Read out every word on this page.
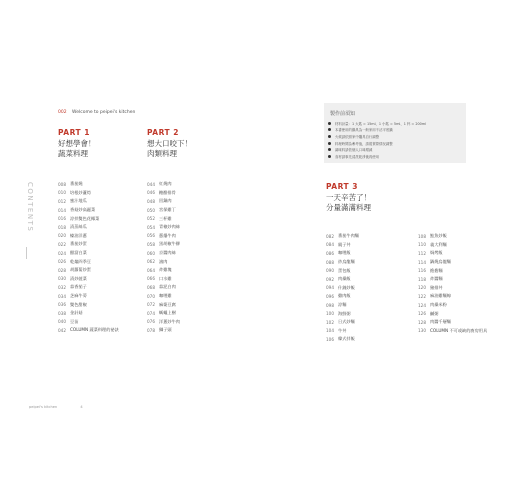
002 Welcome to peipei's kitchen
CONTENTS
PART 1
好想學會！
蔬菜料理
008 番茄燒
010 培根炒蘆筍
012 蜜汁地瓜
014 香菇炒高麗菜
016 涼拌雙色花椰菜
018 清蒸絲瓜
020 蠔油洋蔥
022 番茄炒蛋
024 醋溜白菜
026 乾煸四季豆
028 胡蘿蔔炒蛋
030 清炒菠菜
032 蒜香茄子
034 芝麻牛蒡
036 雙色甜椒
038 金針菇
040 豆苗
042 COLUMN 蔬菜料理的祕訣
PART 2
想大口咬下！
肉類料理
044 紅燒肉
046 糖醋排骨
048 回鍋肉
050 宮保雞丁
052 三杯雞
054 青椒炒肉絲
056 蔥爆牛肉
058 黑胡椒牛柳
060 京醬肉絲
062 滷肉
064 炸雞塊
066 口水雞
068 蒜泥白肉
070 咖哩雞
072 麻婆豆腐
074 螞蟻上樹
076 洋蔥炒牛肉
078 獅子頭
製作前須知
材料計量：1 大匙 = 15ml、1 小匙 = 5ml、1 杯 = 200ml
本書使用的鍋具為一般家用不沾平底鍋
火候請依照家中爐具自行調整
料理時間為參考值，請視實際情況調整
調味料請依個人口味增減
食材請事先清洗乾淨後再使用
PART 3
一天辛苦了！
分量滿滿料理
082 番茄牛肉麵
084 親子丼
086 咖哩飯
088 炒烏龍麵
090 蛋包飯
092 肉燥飯
094 什錦炒飯
096 雞肉飯
098 涼麵
100 海鮮粥
102 日式炒麵
104 牛丼
106 韓式拌飯
108 鮭魚炒飯
110 義大利麵
112 焗烤飯
114 鍋燒烏龍麵
116 擔擔麵
118 炸醬麵
120 豬排丼
122 麻油雞麵線
124 肉燥米粉
126 鹹粥
128 肉醬千層麵
130 COLUMN 不可或缺的廚房用具
peipei's kitchen	4
